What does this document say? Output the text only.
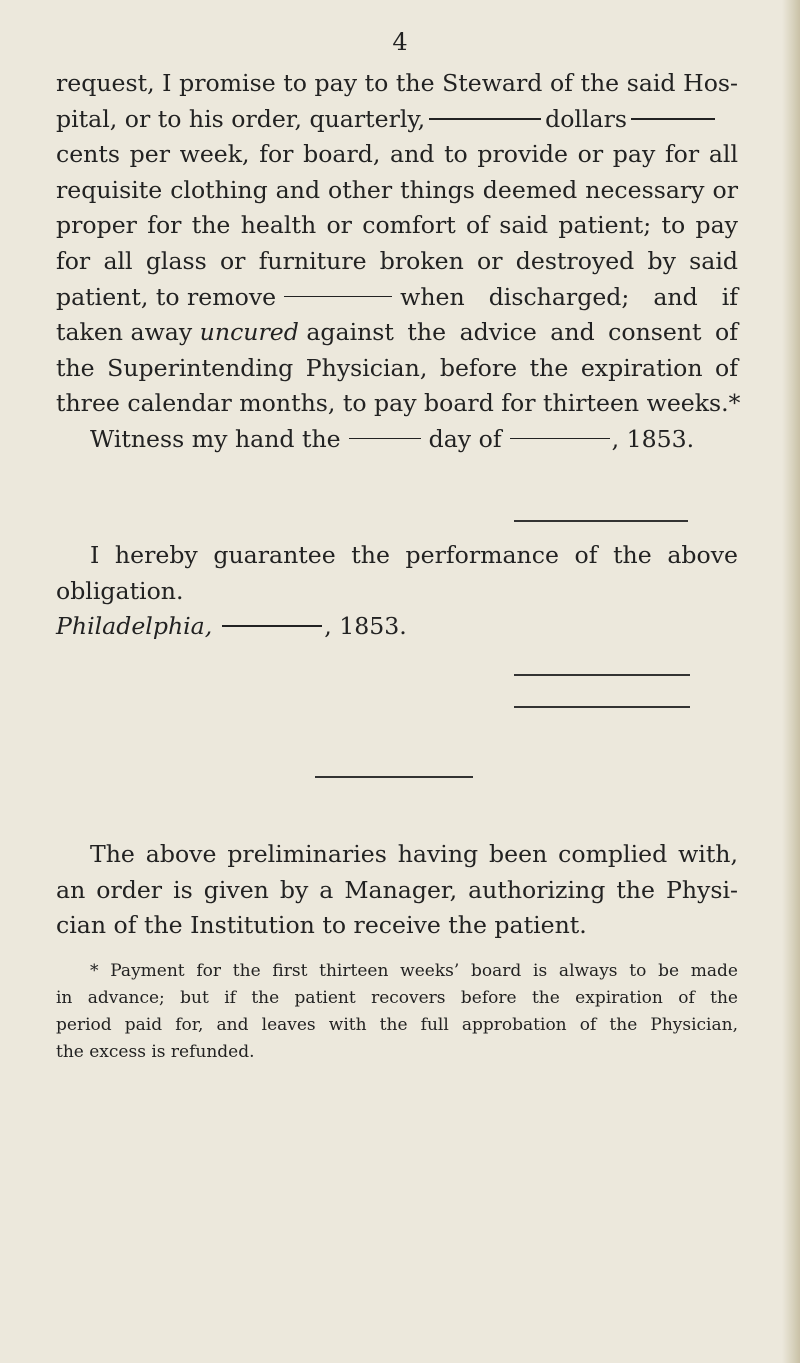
4
request, I promise to pay to the Steward of the said Hos-
pital, or to his order, quarterly,	dollars
cents per week, for board, and to provide or pay for all
requisite clothing and other things deemed necessary or
proper for the health or comfort of said patient; to pay
for all glass or furniture broken or destroyed by said
patient, to remove	when discharged; and if
taken away
uncured
against the advice and consent of
the Superintending Physician, before the expiration of
three calendar months, to pay board for thirteen weeks.*
Witness my hand the	day of	, 1853.
I hereby guarantee the performance of the above
obligation.
Philadelphia,	, 1853.
The above preliminaries having been complied with,
an order is given by a Manager, authorizing the Physi-
cian of the Institution to receive the patient.
* Payment for the first thirteen weeks’ board is always to be made
in advance; but if the patient recovers before the expiration of the
period paid for, and leaves with the full approbation of the Physician,
the excess is refunded.
